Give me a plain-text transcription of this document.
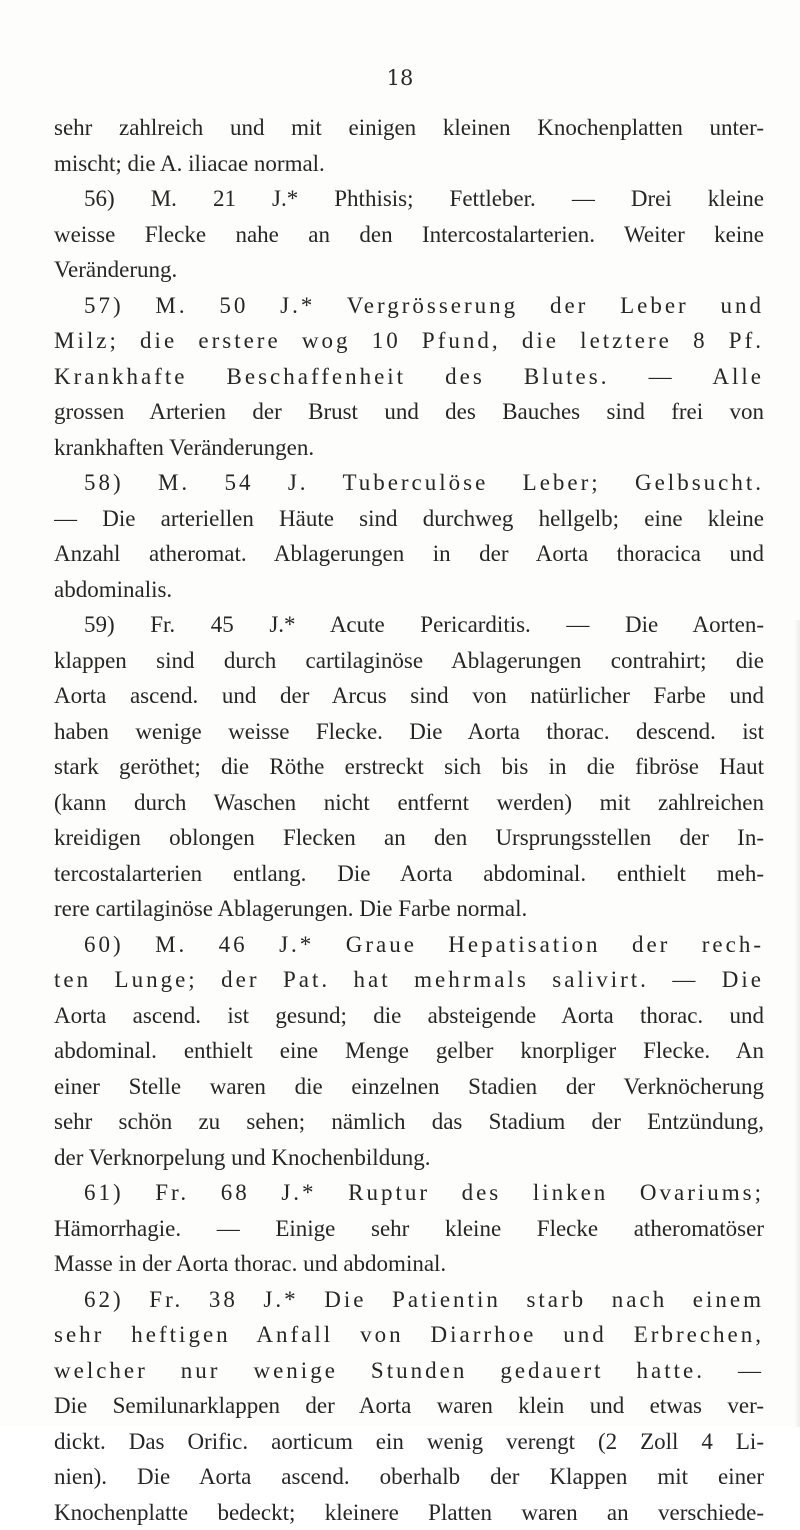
18
sehr zahlreich und mit einigen kleinen Knochenplatten unter-
mischt; die A. iliacae normal.
56) M. 21 J.* Phthisis; Fettleber. — Drei kleine
weisse Flecke nahe an den Intercostalarterien. Weiter keine
Veränderung.
57) M. 50 J.* Vergrösserung der Leber und
Milz; die erstere wog 10 Pfund, die letztere 8 Pf.
Krankhafte Beschaffenheit des Blutes. — Alle
grossen Arterien der Brust und des Bauches sind frei von
krankhaften Veränderungen.
58) M. 54 J. Tuberculöse Leber; Gelbsucht.
— Die arteriellen Häute sind durchweg hellgelb; eine kleine
Anzahl atheromat. Ablagerungen in der Aorta thoracica und
abdominalis.
59) Fr. 45 J.* Acute Pericarditis. — Die Aorten-
klappen sind durch cartilaginöse Ablagerungen contrahirt; die
Aorta ascend. und der Arcus sind von natürlicher Farbe und
haben wenige weisse Flecke. Die Aorta thorac. descend. ist
stark geröthet; die Röthe erstreckt sich bis in die fibröse Haut
(kann durch Waschen nicht entfernt werden) mit zahlreichen
kreidigen oblongen Flecken an den Ursprungsstellen der In-
tercostalarterien entlang. Die Aorta abdominal. enthielt meh-
rere cartilaginöse Ablagerungen. Die Farbe normal.
60) M. 46 J.* Graue Hepatisation der rech-
ten Lunge; der Pat. hat mehrmals salivirt. — Die
Aorta ascend. ist gesund; die absteigende Aorta thorac. und
abdominal. enthielt eine Menge gelber knorpliger Flecke. An
einer Stelle waren die einzelnen Stadien der Verknöcherung
sehr schön zu sehen; nämlich das Stadium der Entzündung,
der Verknorpelung und Knochenbildung.
61) Fr. 68 J.* Ruptur des linken Ovariums;
Hämorrhagie. — Einige sehr kleine Flecke atheromatöser
Masse in der Aorta thorac. und abdominal.
62) Fr. 38 J.* Die Patientin starb nach einem
sehr heftigen Anfall von Diarrhoe und Erbrechen,
welcher nur wenige Stunden gedauert hatte. —
Die Semilunarklappen der Aorta waren klein und etwas ver-
dickt. Das Orific. aorticum ein wenig verengt (2 Zoll 4 Li-
nien). Die Aorta ascend. oberhalb der Klappen mit einer
Knochenplatte bedeckt; kleinere Platten waren an verschiede-
